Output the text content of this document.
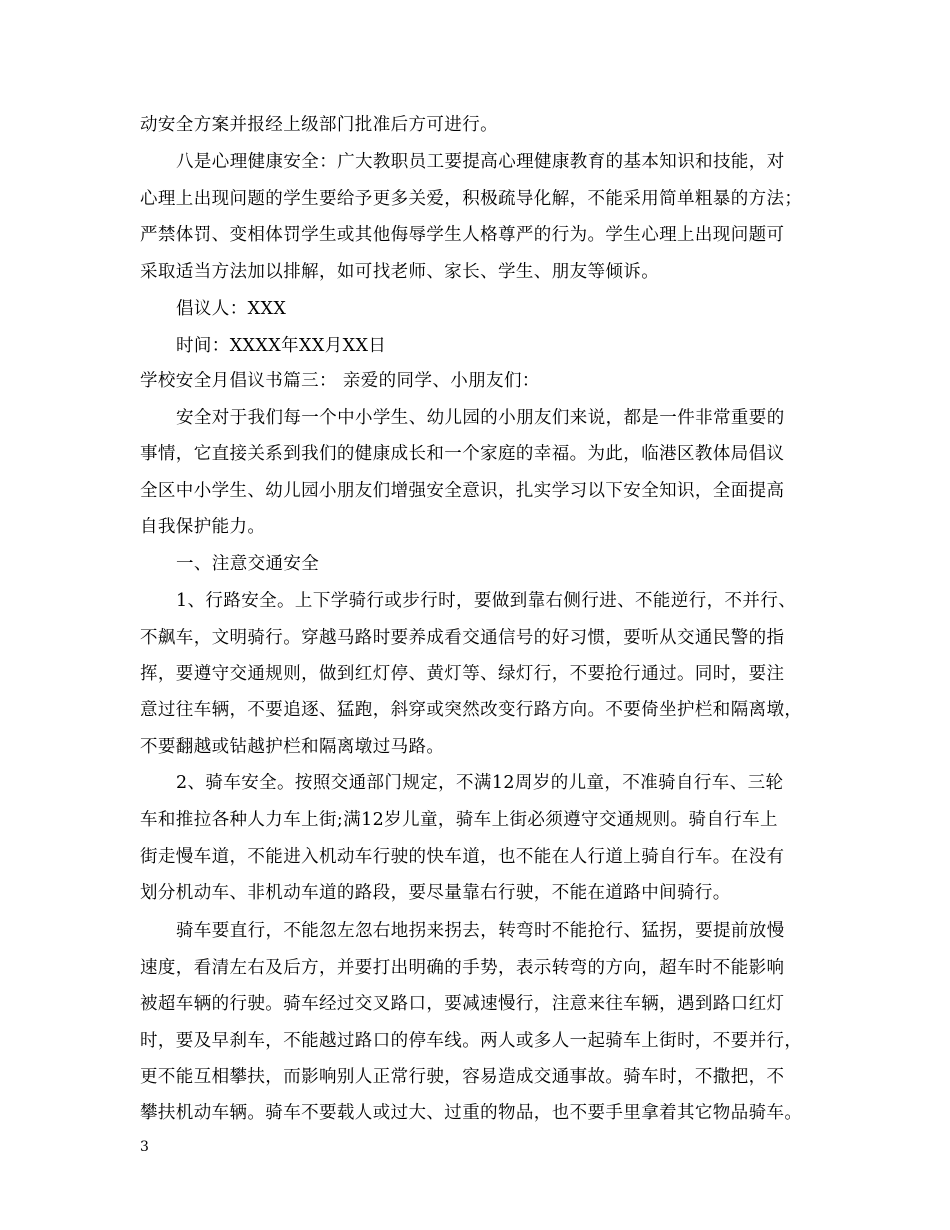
动安全方案并报经上级部门批准后方可进行。
八是心理健康安全：广大教职员工要提高心理健康教育的基本知识和技能，对
心理上出现问题的学生要给予更多关爱，积极疏导化解，不能采用简单粗暴的方法；
严禁体罚、变相体罚学生或其他侮辱学生人格尊严的行为。学生心理上出现问题可
采取适当方法加以排解，如可找老师、家长、学生、朋友等倾诉。
倡议人：XXX
时间：XXXX年XX月XX日
学校安全月倡议书篇三： 亲爱的同学、小朋友们：
安全对于我们每一个中小学生、幼儿园的小朋友们来说，都是一件非常重要的
事情，它直接关系到我们的健康成长和一个家庭的幸福。为此，临港区教体局倡议
全区中小学生、幼儿园小朋友们增强安全意识，扎实学习以下安全知识，全面提高
自我保护能力。
一、注意交通安全
1、行路安全。上下学骑行或步行时，要做到靠右侧行进、不能逆行，不并行、
不飙车，文明骑行。穿越马路时要养成看交通信号的好习惯，要听从交通民警的指
挥，要遵守交通规则，做到红灯停、黄灯等、绿灯行，不要抢行通过。同时，要注
意过往车辆，不要追逐、猛跑，斜穿或突然改变行路方向。不要倚坐护栏和隔离墩，
不要翻越或钻越护栏和隔离墩过马路。
2、骑车安全。按照交通部门规定，不满12周岁的儿童，不准骑自行车、三轮
车和推拉各种人力车上街;满12岁儿童，骑车上街必须遵守交通规则。骑自行车上
街走慢车道，不能进入机动车行驶的快车道，也不能在人行道上骑自行车。在没有
划分机动车、非机动车道的路段，要尽量靠右行驶，不能在道路中间骑行。
骑车要直行，不能忽左忽右地拐来拐去，转弯时不能抢行、猛拐，要提前放慢
速度，看清左右及后方，并要打出明确的手势，表示转弯的方向，超车时不能影响
被超车辆的行驶。骑车经过交叉路口，要减速慢行，注意来往车辆，遇到路口红灯
时，要及早刹车，不能越过路口的停车线。两人或多人一起骑车上街时，不要并行，
更不能互相攀扶，而影响别人正常行驶，容易造成交通事故。骑车时，不撒把，不
攀扶机动车辆。骑车不要载人或过大、过重的物品，也不要手里拿着其它物品骑车。
3
